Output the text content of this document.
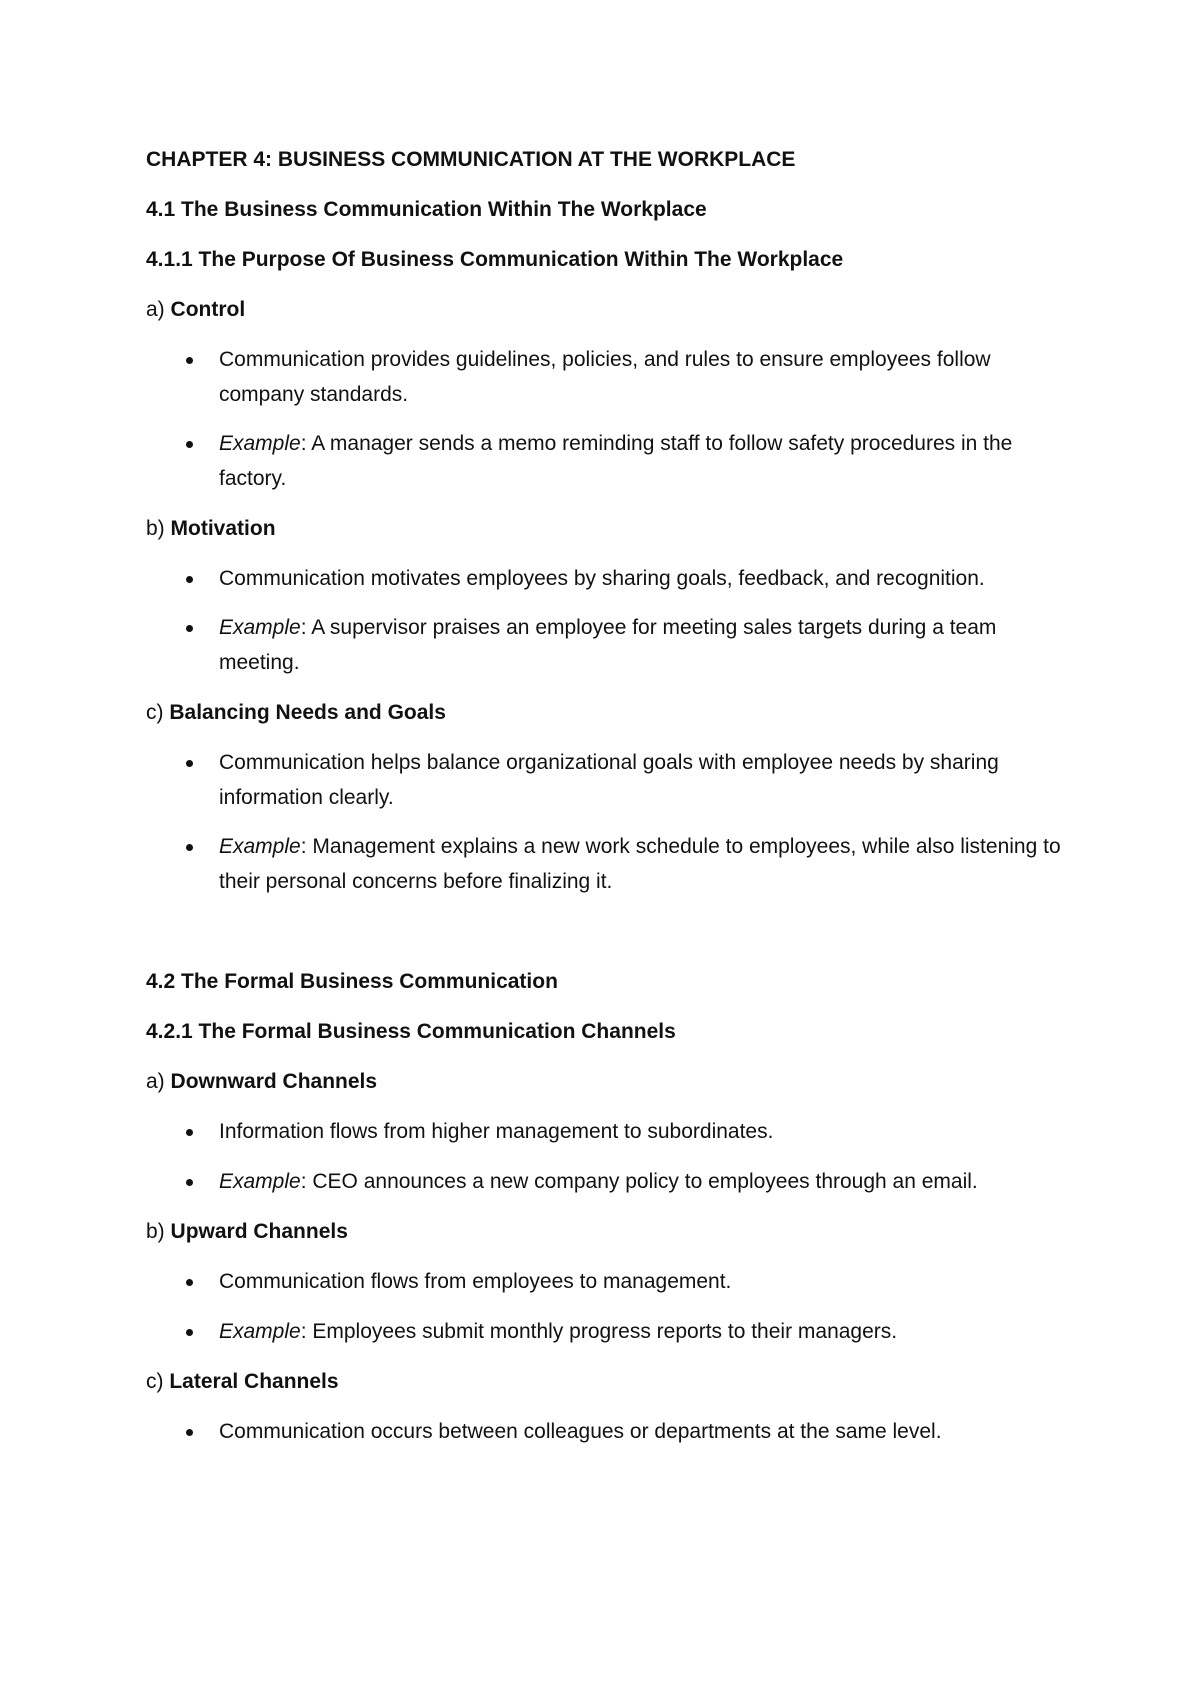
CHAPTER 4: BUSINESS COMMUNICATION AT THE WORKPLACE

4.1 The Business Communication Within The Workplace

4.1.1 The Purpose Of Business Communication Within The Workplace

a) Control

Communication provides guidelines, policies, and rules to ensure employees follow company standards.
Example: A manager sends a memo reminding staff to follow safety procedures in the factory.

b) Motivation

Communication motivates employees by sharing goals, feedback, and recognition.
Example: A supervisor praises an employee for meeting sales targets during a team meeting.

c) Balancing Needs and Goals

Communication helps balance organizational goals with employee needs by sharing information clearly.
Example: Management explains a new work schedule to employees, while also listening to their personal concerns before finalizing it.

4.2 The Formal Business Communication

4.2.1 The Formal Business Communication Channels

a) Downward Channels

Information flows from higher management to subordinates.
Example: CEO announces a new company policy to employees through an email.

b) Upward Channels

Communication flows from employees to management.
Example: Employees submit monthly progress reports to their managers.

c) Lateral Channels

Communication occurs between colleagues or departments at the same level.
